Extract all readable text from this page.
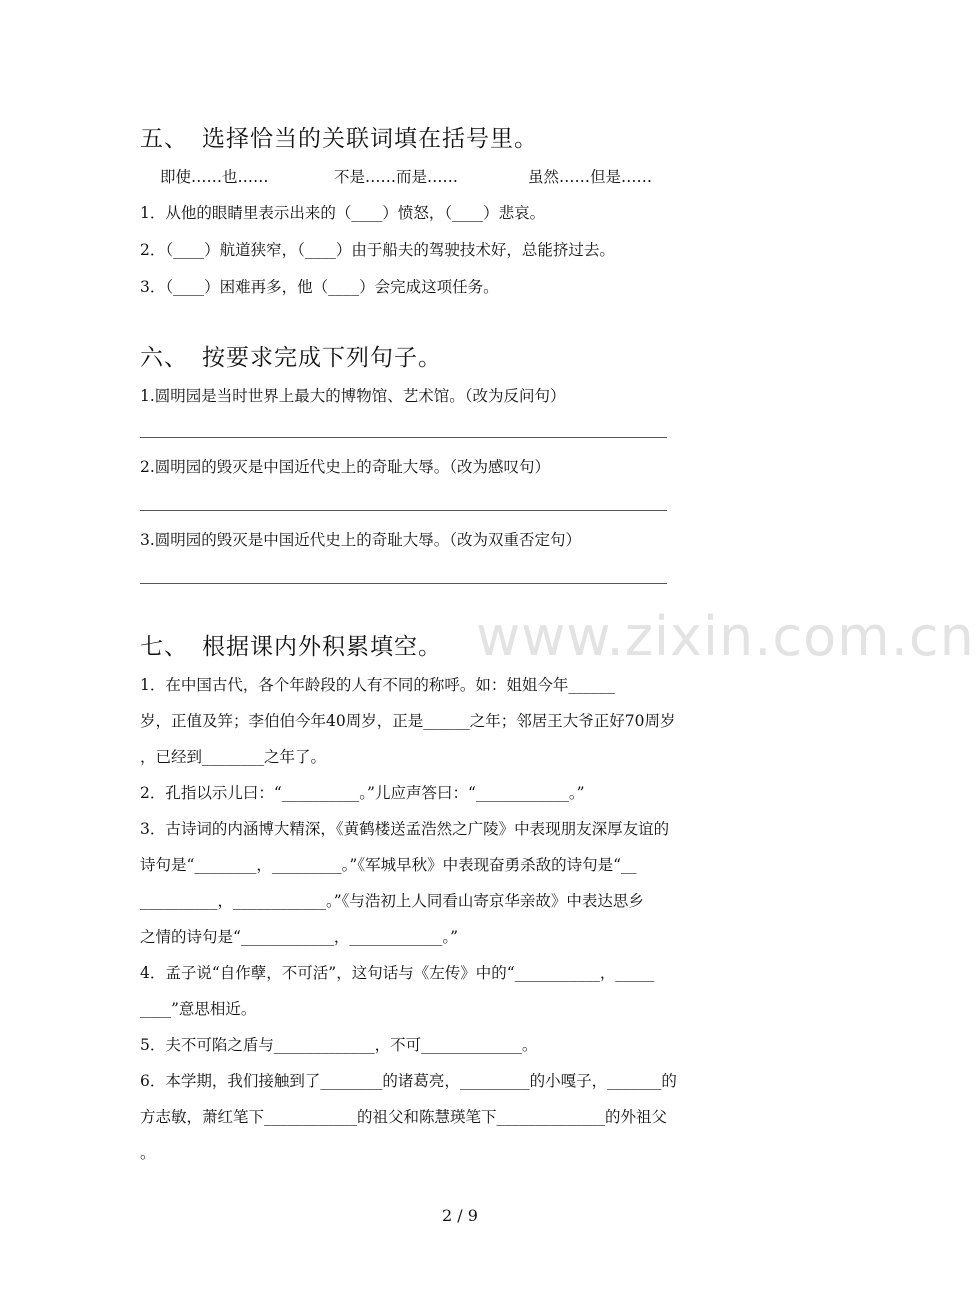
www.zixin.com.cn
五、 选择恰当的关联词填在括号里。
即使……也……	不是……而是……	虽然……但是……
1．从他的眼睛里表示出来的（____）愤怒，（____）悲哀。
2．（____）航道狭窄，（____）由于船夫的驾驶技术好，总能挤过去。
3．（____）困难再多，他（____）会完成这项任务。
六、 按要求完成下列句子。
1.圆明园是当时世界上最大的博物馆、艺术馆。（改为反问句）
2.圆明园的毁灭是中国近代史上的奇耻大辱。（改为感叹句）
3.圆明园的毁灭是中国近代史上的奇耻大辱。（改为双重否定句）
七、 根据课内外积累填空。
1．在中国古代，各个年龄段的人有不同的称呼。如：姐姐今年______
岁，正值及笄；李伯伯今年40周岁，正是______之年；邻居王大爷正好70周岁
，已经到________之年了。
2．孔指以示儿曰：“__________。”儿应声答曰：“____________。”
3．古诗词的内涵博大精深，《黄鹤楼送孟浩然之广陵》中表现朋友深厚友谊的
诗句是“________，_________。”《军城早秋》中表现奋勇杀敌的诗句是“__
__________，____________。”《与浩初上人同看山寄京华亲故》中表达思乡
之情的诗句是“____________，____________。”
4．孟子说“自作孽，不可活”，这句话与《左传》中的“___________，_____
____”意思相近。
5．夫不可陷之盾与_____________，不可_____________。
6．本学期，我们接触到了________的诸葛亮，_________的小嘎子，_______的
方志敏，萧红笔下____________的祖父和陈慧瑛笔下______________的外祖父
。
2 / 9
